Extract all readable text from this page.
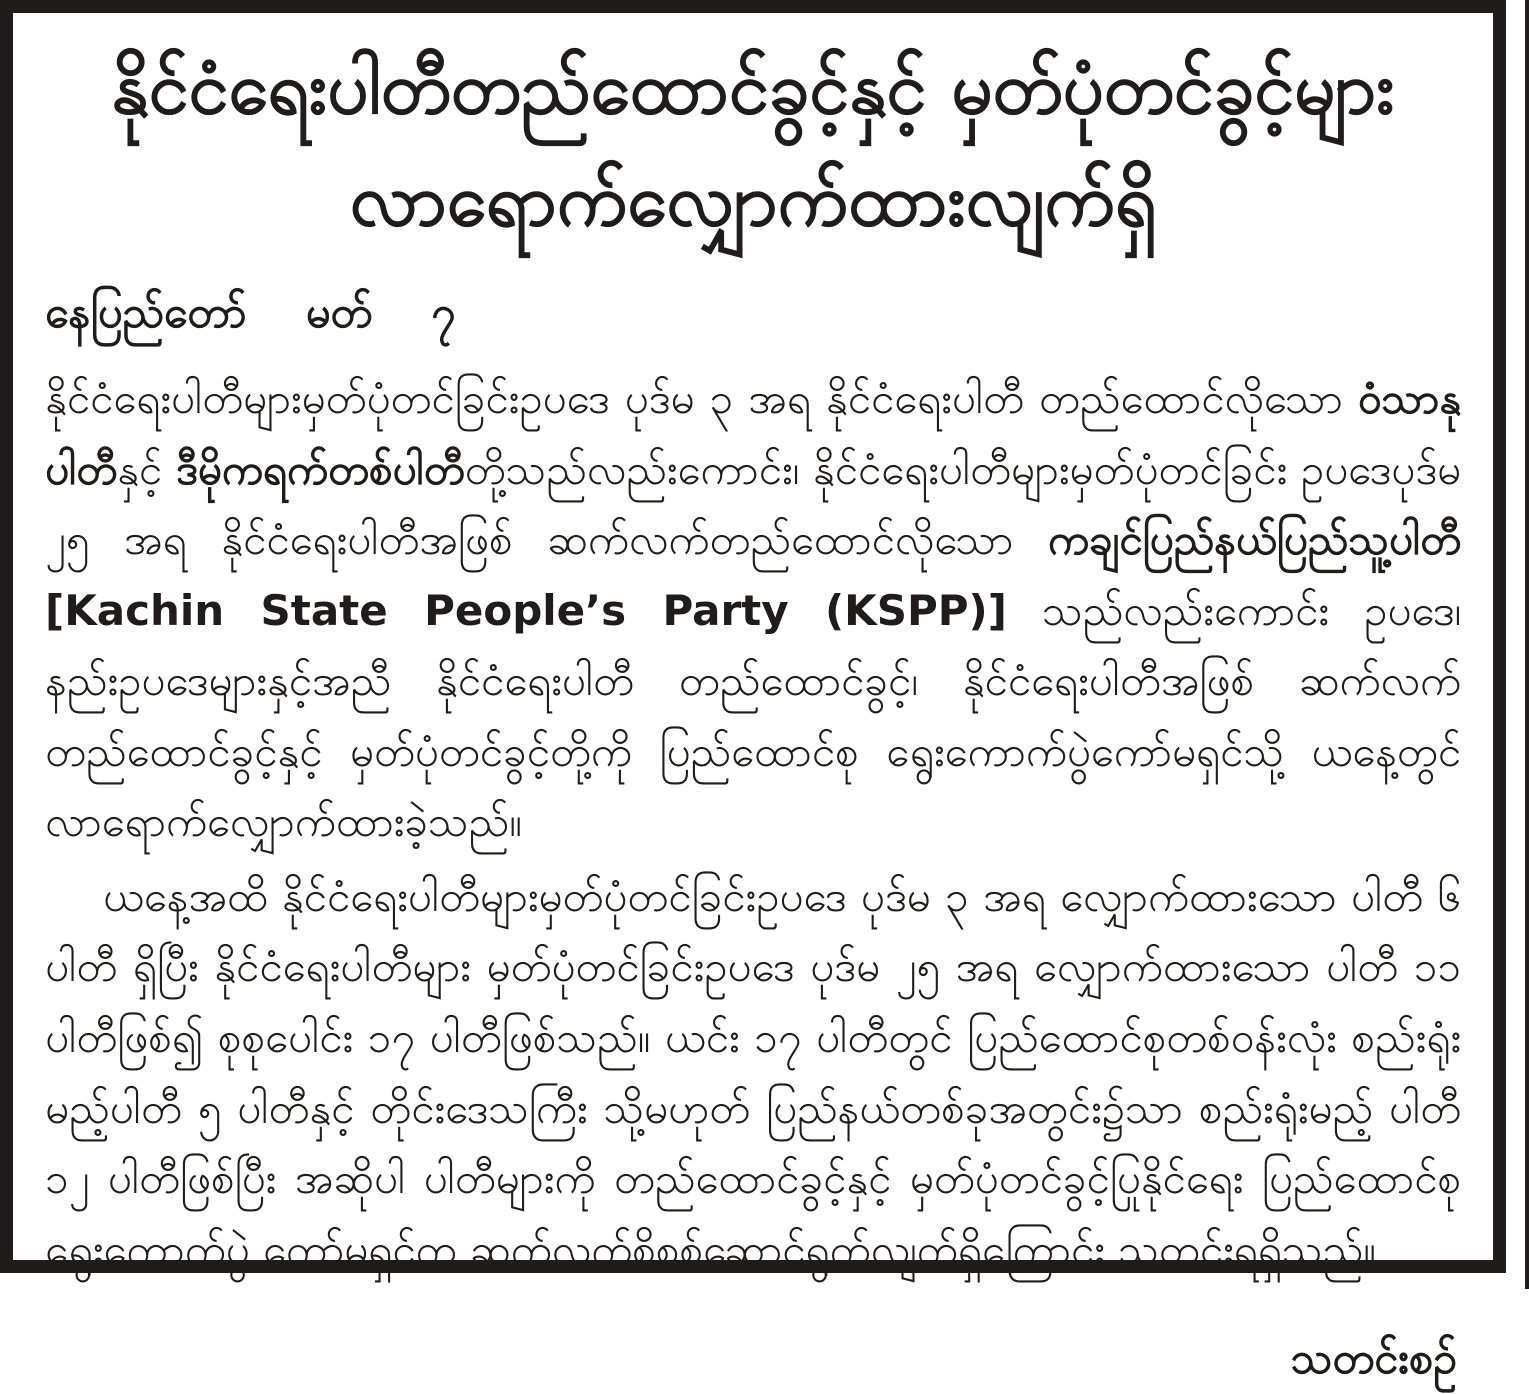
နိုင်ငံရေးပါတီတည်ထောင်ခွင့်နှင့် မှတ်ပုံတင်ခွင့်များ
လာရောက်လျှောက်ထားလျက်ရှိ
နေပြည်တော် မတ် ၇

နိုင်ငံရေးပါတီများမှတ်ပုံတင်ခြင်းဥပဒေ ပုဒ်မ ၃ အရ နိုင်ငံရေးပါတီ တည်ထောင်လိုသော ဝံသာနုပါတီနှင့် ဒီမိုကရက်တစ်ပါတီတို့သည်လည်းကောင်း၊ နိုင်ငံရေးပါတီများမှတ်ပုံတင်ခြင်း ဥပဒေပုဒ်မ ၂၅ အရ နိုင်ငံရေးပါတီအဖြစ် ဆက်လက်တည်ထောင်လိုသော ကချင်ပြည်နယ်ပြည်သူ့ပါတီ [Kachin State People’s Party (KSPP)] သည်လည်းကောင်း ဥပဒေ၊ နည်းဥပဒေများနှင့်အညီ နိုင်ငံရေးပါတီ တည်ထောင်ခွင့်၊ နိုင်ငံရေးပါတီအဖြစ် ဆက်လက်တည်ထောင်ခွင့်နှင့် မှတ်ပုံတင်ခွင့်တို့ကို ပြည်ထောင်စု ရွေးကောက်ပွဲကော်မရှင်သို့ ယနေ့တွင် လာရောက်လျှောက်ထားခဲ့သည်။

ယနေ့အထိ နိုင်ငံရေးပါတီများမှတ်ပုံတင်ခြင်းဥပဒေ ပုဒ်မ ၃ အရ လျှောက်ထားသော ပါတီ ၆ ပါတီ ရှိပြီး နိုင်ငံရေးပါတီများ မှတ်ပုံတင်ခြင်းဥပဒေ ပုဒ်မ ၂၅ အရ လျှောက်ထားသော ပါတီ ၁၁ ပါတီဖြစ်၍ စုစုပေါင်း ၁၇ ပါတီဖြစ်သည်။ ယင်း ၁၇ ပါတီတွင် ပြည်ထောင်စုတစ်ဝန်းလုံး စည်းရုံးမည့်ပါတီ ၅ ပါတီနှင့် တိုင်းဒေသကြီး သို့မဟုတ် ပြည်နယ်တစ်ခုအတွင်း၌သာ စည်းရုံးမည့် ပါတီ ၁၂ ပါတီဖြစ်ပြီး အဆိုပါ ပါတီများကို တည်ထောင်ခွင့်နှင့် မှတ်ပုံတင်ခွင့်ပြုနိုင်ရေး ပြည်ထောင်စုရွေးကောက်ပွဲ ကော်မရှင်က ဆက်လက်စိစစ်ဆောင်ရွက်လျက်ရှိကြောင်း သတင်းရရှိသည်။

သတင်းစဉ်
